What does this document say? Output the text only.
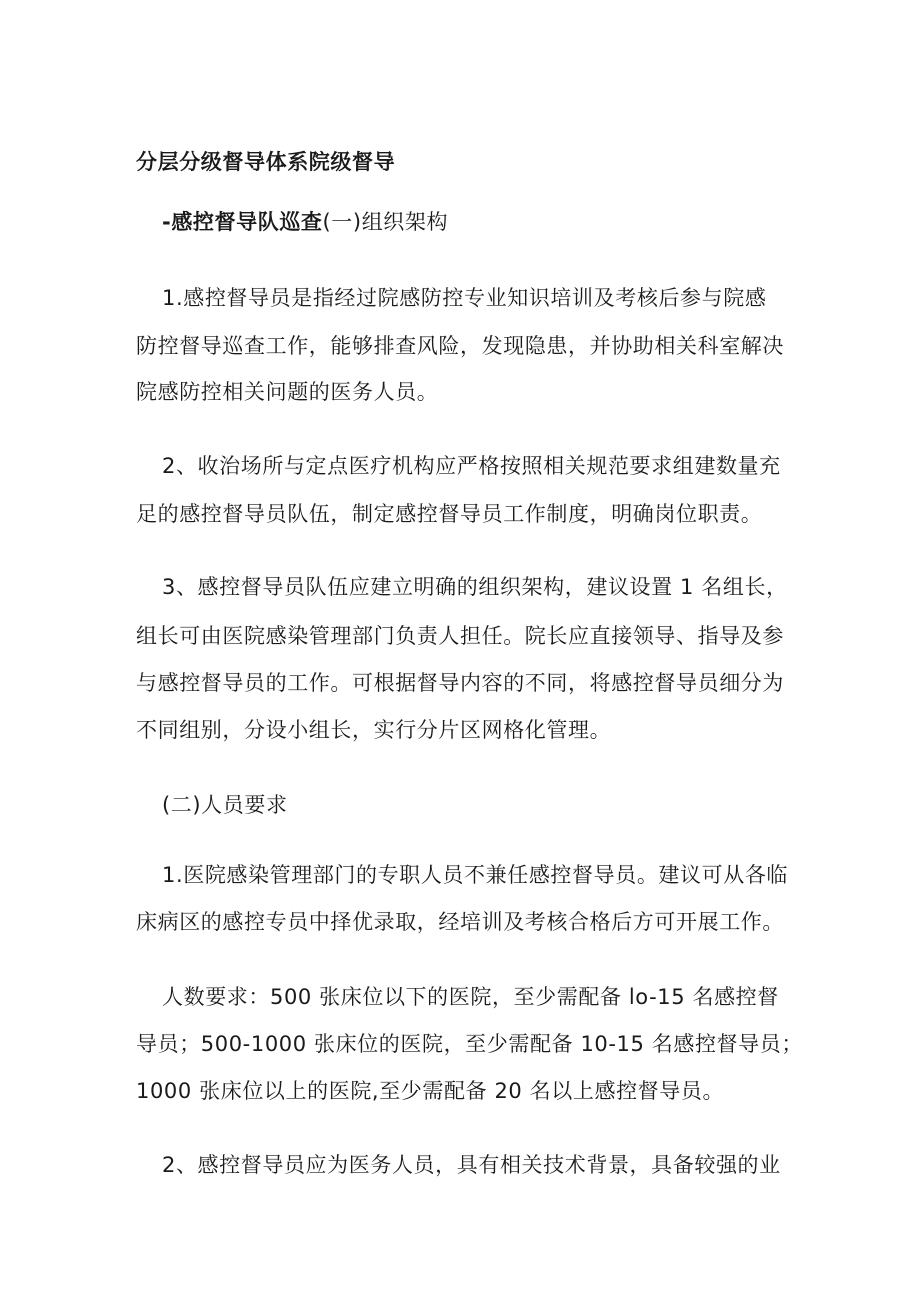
分层分级督导体系院级督导
-感控督导队巡查(一)组织架构
1.感控督导员是指经过院感防控专业知识培训及考核后参与院感
防控督导巡查工作，能够排查风险，发现隐患，并协助相关科室解决
院感防控相关问题的医务人员。
2、收治场所与定点医疗机构应严格按照相关规范要求组建数量充
足的感控督导员队伍，制定感控督导员工作制度，明确岗位职责。
3、感控督导员队伍应建立明确的组织架构，建议设置 1 名组长，
组长可由医院感染管理部门负责人担任。院长应直接领导、指导及参
与感控督导员的工作。可根据督导内容的不同，将感控督导员细分为
不同组别，分设小组长，实行分片区网格化管理。
(二)人员要求
1.医院感染管理部门的专职人员不兼任感控督导员。建议可从各临
床病区的感控专员中择优录取，经培训及考核合格后方可开展工作。
人数要求：500 张床位以下的医院，至少需配备 lo-15 名感控督
导员；500-1000 张床位的医院，至少需配备 10-15 名感控督导员；
1000 张床位以上的医院,至少需配备 20 名以上感控督导员。
2、感控督导员应为医务人员，具有相关技术背景，具备较强的业
